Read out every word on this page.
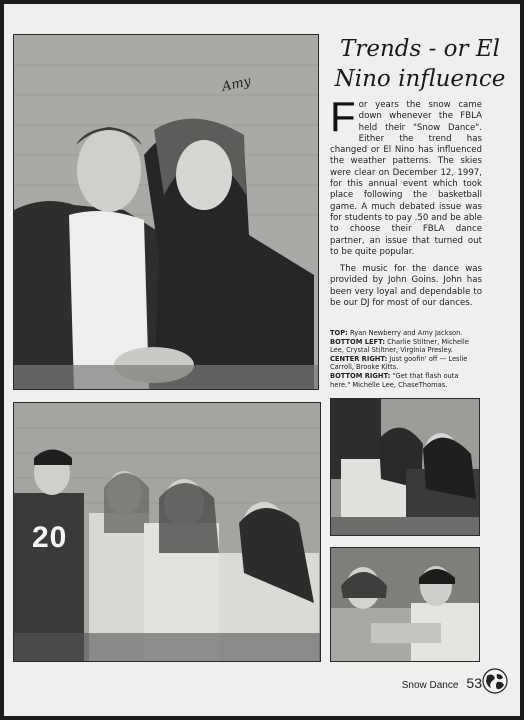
Amy
Trends - or El
Nino influence

For years the snow came down whenever the FBLA held their "Snow Dance". Either the trend has changed or El Nino has influenced the weather patterns. The skies were clear on December 12, 1997, for this annual event which took place following the basketball game. A much debated issue was for students to pay .50 and be able to choose their FBLA dance partner, an issue that turned out to be quite popular.

The music for the dance was provided by John Goins. John has been very loyal and dependable to be our DJ for most of our dances.

TOP: Ryan Newberry and Amy Jackson.

BOTTOM LEFT: Charlie Stiltner, Michelle Lee, Crystal Stiltner, Virginia Presley.

CENTER RIGHT: Just goofin' off — Leslie Carroll, Brooke Kitts.

BOTTOM RIGHT: "Get that flash outa here." Michelle Lee, ChaseThomas.

20
Snow Dance 53
